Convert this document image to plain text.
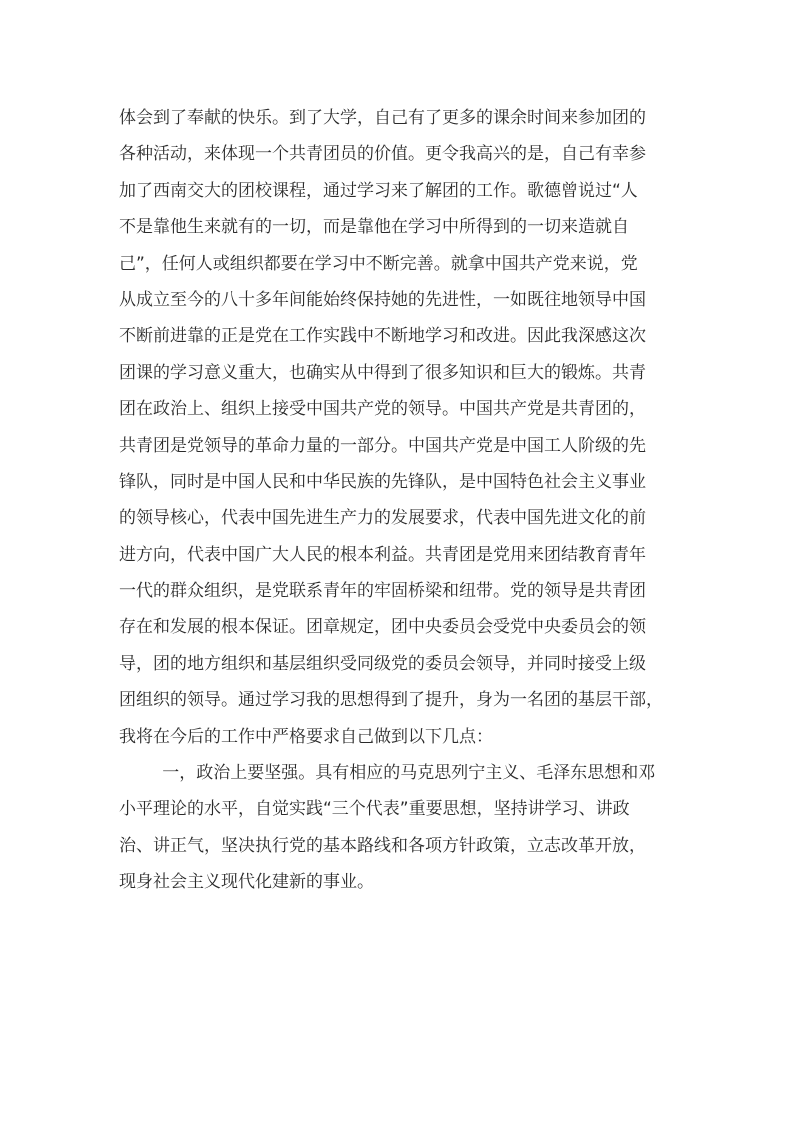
体会到了奉献的快乐。到了大学，自己有了更多的课余时间来参加团的
各种活动，来体现一个共青团员的价值。更令我高兴的是，自己有幸参
加了西南交大的团校课程，通过学习来了解团的工作。歌德曾说过“人
不是靠他生来就有的一切，而是靠他在学习中所得到的一切来造就自
己”，任何人或组织都要在学习中不断完善。就拿中国共产党来说，党
从成立至今的八十多年间能始终保持她的先进性，一如既往地领导中国
不断前进靠的正是党在工作实践中不断地学习和改进。因此我深感这次
团课的学习意义重大，也确实从中得到了很多知识和巨大的锻炼。共青
团在政治上、组织上接受中国共产党的领导。中国共产党是共青团的，
共青团是党领导的革命力量的一部分。中国共产党是中国工人阶级的先
锋队，同时是中国人民和中华民族的先锋队，是中国特色社会主义事业
的领导核心，代表中国先进生产力的发展要求，代表中国先进文化的前
进方向，代表中国广大人民的根本利益。共青团是党用来团结教育青年
一代的群众组织，是党联系青年的牢固桥梁和纽带。党的领导是共青团
存在和发展的根本保证。团章规定，团中央委员会受党中央委员会的领
导，团的地方组织和基层组织受同级党的委员会领导，并同时接受上级
团组织的领导。通过学习我的思想得到了提升，身为一名团的基层干部，
我将在今后的工作中严格要求自己做到以下几点：
一，政治上要坚强。具有相应的马克思列宁主义、毛泽东思想和邓
小平理论的水平，自觉实践“三个代表”重要思想，坚持讲学习、讲政
治、讲正气，坚决执行党的基本路线和各项方针政策，立志改革开放，
现身社会主义现代化建新的事业。
